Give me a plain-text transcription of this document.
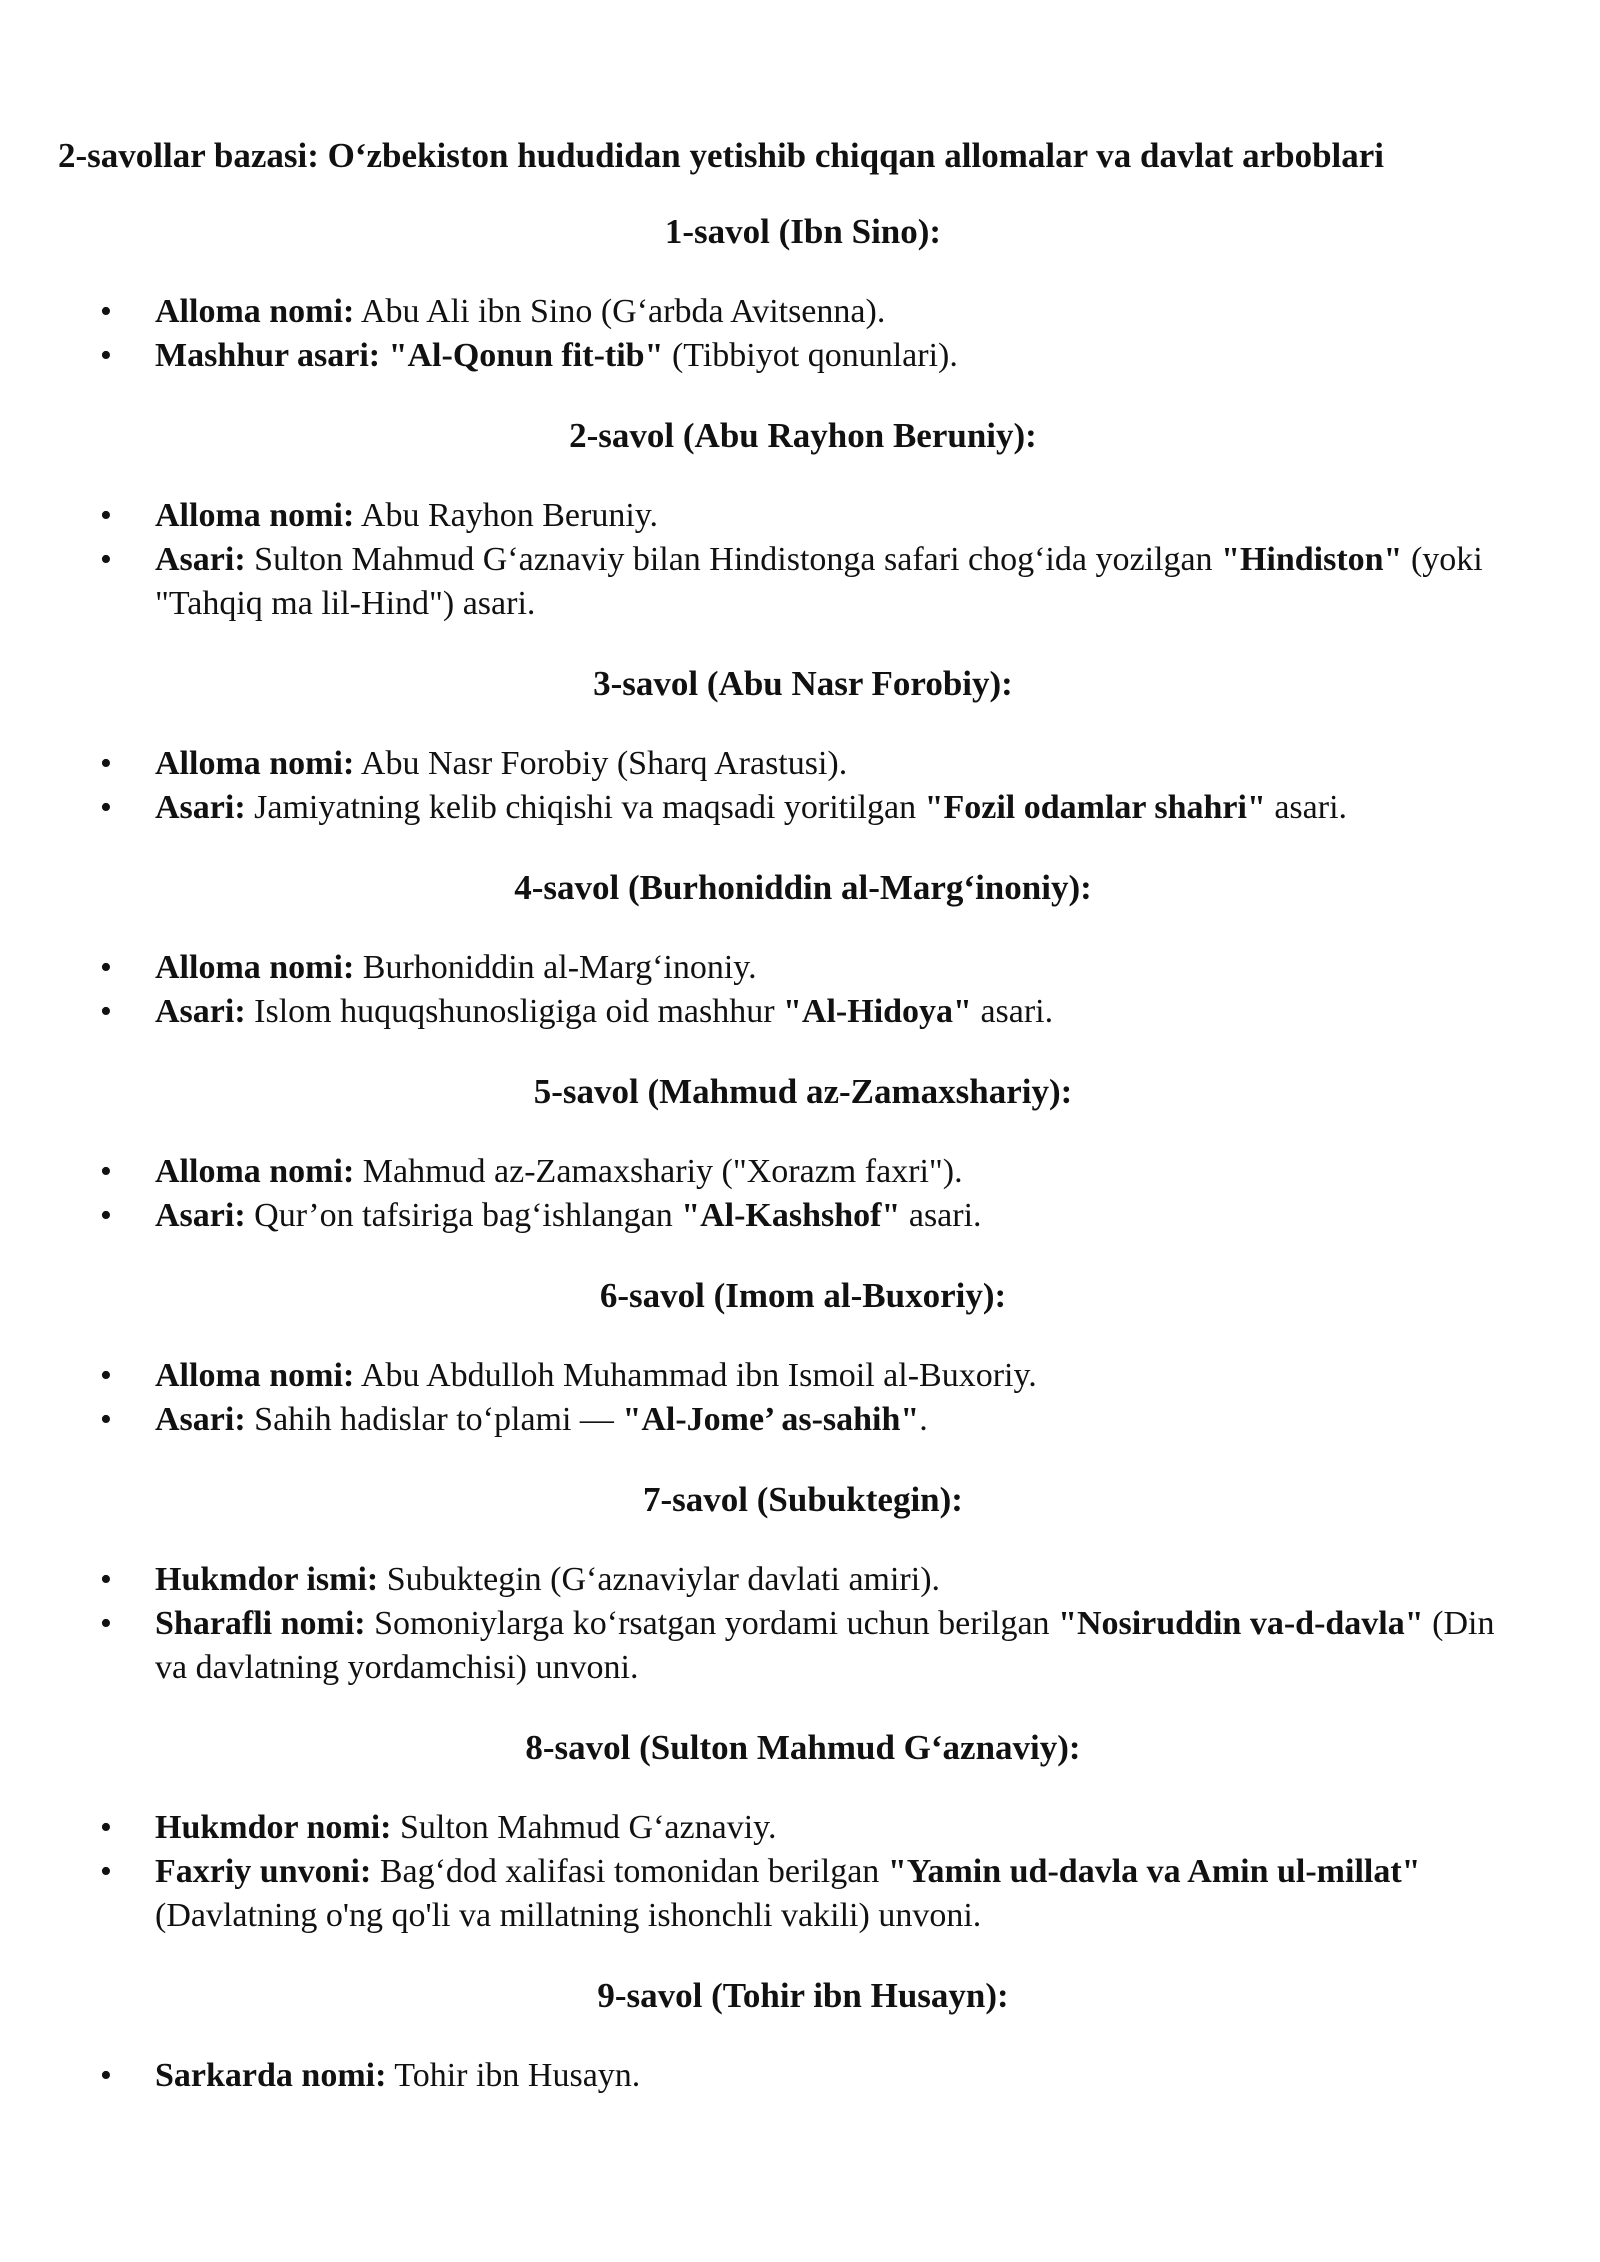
2-savollar bazasi: O‘zbekiston hududidan yetishib chiqqan allomalar va davlat arboblari
1-savol (Ibn Sino):
• Alloma nomi: Abu Ali ibn Sino (G‘arbda Avitsenna).
• Mashhur asari: "Al-Qonun fit-tib" (Tibbiyot qonunlari).
2-savol (Abu Rayhon Beruniy):
• Alloma nomi: Abu Rayhon Beruniy.
• Asari: Sulton Mahmud G‘aznaviy bilan Hindistonga safari chog‘ida yozilgan "Hindiston" (yoki "Tahqiq ma lil-Hind") asari.
3-savol (Abu Nasr Forobiy):
• Alloma nomi: Abu Nasr Forobiy (Sharq Arastusi).
• Asari: Jamiyatning kelib chiqishi va maqsadi yoritilgan "Fozil odamlar shahri" asari.
4-savol (Burhoniddin al-Marg‘inoniy):
• Alloma nomi: Burhoniddin al-Marg‘inoniy.
• Asari: Islom huquqshunosligiga oid mashhur "Al-Hidoya" asari.
5-savol (Mahmud az-Zamaxshariy):
• Alloma nomi: Mahmud az-Zamaxshariy ("Xorazm faxri").
• Asari: Qur’on tafsiriga bag‘ishlangan "Al-Kashshof" asari.
6-savol (Imom al-Buxoriy):
• Alloma nomi: Abu Abdulloh Muhammad ibn Ismoil al-Buxoriy.
• Asari: Sahih hadislar to‘plami — "Al-Jome’ as-sahih".
7-savol (Subuktegin):
• Hukmdor ismi: Subuktegin (G‘aznaviylar davlati amiri).
• Sharafli nomi: Somoniylarga ko‘rsatgan yordami uchun berilgan "Nosiruddin va-d-davla" (Din va davlatning yordamchisi) unvoni.
8-savol (Sulton Mahmud G‘aznaviy):
• Hukmdor nomi: Sulton Mahmud G‘aznaviy.
• Faxriy unvoni: Bag‘dod xalifasi tomonidan berilgan "Yamin ud-davla va Amin ul-millat" (Davlatning o'ng qo'li va millatning ishonchli vakili) unvoni.
9-savol (Tohir ibn Husayn):
• Sarkarda nomi: Tohir ibn Husayn.
